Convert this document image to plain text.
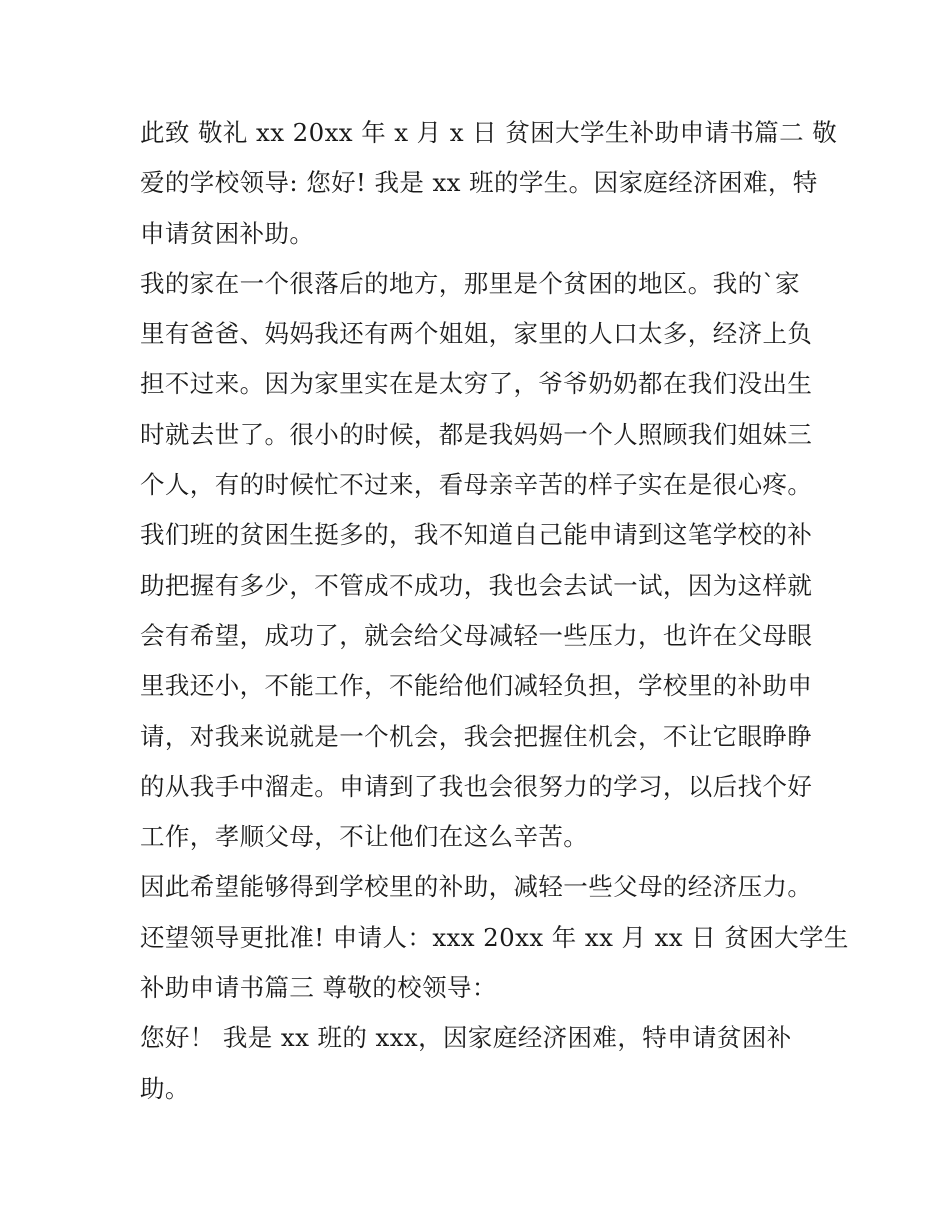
此致 敬礼 xx 20xx 年 x 月 x 日 贫困大学生补助申请书篇二 敬
爱的学校领导: 您好! 我是 xx 班的学生。因家庭经济困难，特
申请贫困补助。
我的家在一个很落后的地方，那里是个贫困的地区。我的`家
里有爸爸、妈妈我还有两个姐姐，家里的人口太多，经济上负
担不过来。因为家里实在是太穷了，爷爷奶奶都在我们没出生
时就去世了。很小的时候，都是我妈妈一个人照顾我们姐妹三
个人，有的时候忙不过来，看母亲辛苦的样子实在是很心疼。
我们班的贫困生挺多的，我不知道自己能申请到这笔学校的补
助把握有多少，不管成不成功，我也会去试一试，因为这样就
会有希望，成功了，就会给父母减轻一些压力，也许在父母眼
里我还小，不能工作，不能给他们减轻负担，学校里的补助申
请，对我来说就是一个机会，我会把握住机会，不让它眼睁睁
的从我手中溜走。申请到了我也会很努力的学习，以后找个好
工作，孝顺父母，不让他们在这么辛苦。
因此希望能够得到学校里的补助，减轻一些父母的经济压力。
还望领导更批准! 申请人：xxx 20xx 年 xx 月 xx 日 贫困大学生
补助申请书篇三 尊敬的校领导：
您好！ 我是 xx 班的 xxx，因家庭经济困难，特申请贫困补
助。
